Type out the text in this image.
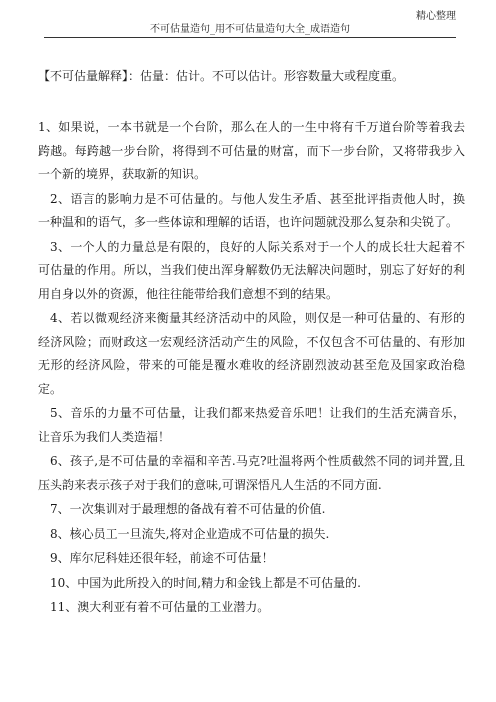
精心整理
不可估量造句_用不可估量造句大全_成语造句
【不可估量解释】：估量：估计。不可以估计。形容数量大或程度重。

1、如果说，一本书就是一个台阶，那么在人的一生中将有千万道台阶等着我去跨越。每跨越一步台阶，将得到不可估量的财富，而下一步台阶，又将带我步入一个新的境界，获取新的知识。

2、语言的影响力是不可估量的。与他人发生矛盾、甚至批评指责他人时，换一种温和的语气，多一些体谅和理解的话语，也许问题就没那么复杂和尖锐了。

3、一个人的力量总是有限的，良好的人际关系对于一个人的成长壮大起着不可估量的作用。所以，当我们使出浑身解数仍无法解决问题时，别忘了好好的利用自身以外的资源，他往往能带给我们意想不到的结果。

4、若以微观经济来衡量其经济活动中的风险，则仅是一种可估量的、有形的经济风险；而财政这一宏观经济活动产生的风险，不仅包含不可估量的、有形加无形的经济风险，带来的可能是覆水难收的经济剧烈波动甚至危及国家政治稳定。

5、音乐的力量不可估量，让我们都来热爱音乐吧！让我们的生活充满音乐，让音乐为我们人类造福！

6、孩子,是不可估量的幸福和辛苦.马克?吐温将两个性质截然不同的词并置,且压头韵来表示孩子对于我们的意味,可谓深悟凡人生活的不同方面.

7、一次集训对于最理想的备战有着不可估量的价值.

8、核心员工一旦流失,将对企业造成不可估量的损失.

9、库尔尼科娃还很年轻，前途不可估量！

10、中国为此所投入的时间,精力和金钱上都是不可估量的.

11、澳大利亚有着不可估量的工业潜力。
